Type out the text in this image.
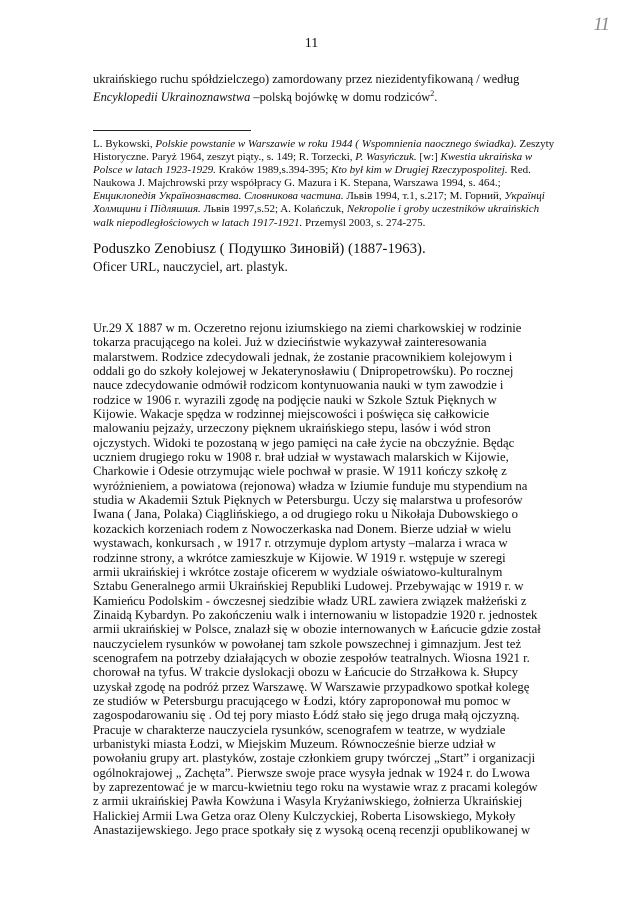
11
11
ukraińskiego ruchu spółdzielczego) zamordowany przez niezidentyfikowaną / według
Encyklopedii Ukrainoznawstwa –polską bojówkę w domu rodziców$^2$.
L. Bykowski, Polskie powstanie w Warszawie w roku 1944 ( Wspomnienia naocznego świadka). Zeszyty
Historyczne. Paryż 1964, zeszyt piąty., s. 149; R. Torzecki, P. Wasyńczuk. [w:] Kwestia ukraińska w
Polsce w latach 1923-1929. Kraków 1989,s.394-395; Kto był kim w Drugiej Rzeczypospolitej. Red.
Naukowa J. Majchrowski przy współpracy G. Mazura i K. Stepana, Warszawa 1994, s. 464.;
Енциклопедія Українознавства. Словникова частина. Львів 1994, т.1, s.217; M. Горний, Українці
Холмщини і Підляшшя. Львів 1997,s.52; A. Kolańczuk, Nekropolie i groby uczestników ukraińskich
walk niepodległościowych w latach 1917-1921. Przemyśl 2003, s. 274-275.
Poduszko Zenobiusz ( Подушко Зиновій) (1887-1963).
Oficer URL, nauczyciel, art. plastyk.
Ur.29 X 1887 w m. Oczeretno rejonu iziumskiego na ziemi charkowskiej w rodzinie
tokarza pracującego na kolei. Już w dzieciństwie wykazywał zainteresowania
malarstwem. Rodzice zdecydowali jednak, że zostanie pracownikiem kolejowym i
oddali go do szkoły kolejowej w Jekaterynosławiu ( Dnipropetrowśku). Po rocznej
nauce zdecydowanie odmówił rodzicom kontynuowania nauki w tym zawodzie i
rodzice w 1906 r. wyrazili zgodę na podjęcie nauki w Szkole Sztuk Pięknych w
Kijowie. Wakacje spędza w rodzinnej miejscowości i poświęca się całkowicie
malowaniu pejzaży, urzeczony pięknem ukraińskiego stepu, lasów i wód stron
ojczystych. Widoki te pozostaną w jego pamięci na całe życie na obczyźnie. Będąc
uczniem drugiego roku w 1908 r. brał udział w wystawach malarskich w Kijowie,
Charkowie i Odesie otrzymując wiele pochwał w prasie. W 1911 kończy szkołę z
wyróżnieniem, a powiatowa (rejonowa) władza w Iziumie funduje mu stypendium na
studia w Akademii Sztuk Pięknych w Petersburgu. Uczy się malarstwa u profesorów
Iwana ( Jana, Polaka) Ciąglińskiego, a od drugiego roku u Nikołaja Dubowskiego o
kozackich korzeniach rodem z Nowoczerkaska nad Donem. Bierze udział w wielu
wystawach, konkursach , w 1917 r. otrzymuje dyplom artysty –malarza i wraca w
rodzinne strony, a wkrótce zamieszkuje w Kijowie. W 1919 r. wstępuje w szeregi
armii ukraińskiej i wkrótce zostaje oficerem w wydziale oświatowo-kulturalnym
Sztabu Generalnego armii Ukraińskiej Republiki Ludowej. Przebywając w 1919 r. w
Kamieńcu Podolskim - ówczesnej siedzibie władz URL zawiera związek małżeński z
Zinaidą Kybardyn. Po zakończeniu walk i internowaniu w listopadzie 1920 r. jednostek
armii ukraińskiej w Polsce, znalazł się w obozie internowanych w Łańcucie gdzie został
nauczycielem rysunków w powołanej tam szkole powszechnej i gimnazjum. Jest też
scenografem na potrzeby działających w obozie zespołów teatralnych. Wiosna 1921 r.
chorował na tyfus. W trakcie dyslokacji obozu w Łańcucie do Strzałkowa k. Słupcy
uzyskał zgodę na podróż przez Warszawę. W Warszawie przypadkowo spotkał kolegę
ze studiów w Petersburgu pracującego w Łodzi, który zaproponował mu pomoc w
zagospodarowaniu się . Od tej pory miasto Łódź stało się jego druga małą ojczyzną.
Pracuje w charakterze nauczyciela rysunków, scenografem w teatrze, w wydziale
urbanistyki miasta Łodzi, w Miejskim Muzeum. Równocześnie bierze udział w
powołaniu grupy art. plastyków, zostaje członkiem grupy twórczej „Start” i organizacji
ogólnokrajowej „ Zachęta”. Pierwsze swoje prace wysyła jednak w 1924 r. do Lwowa
by zaprezentować je w marcu-kwietniu tego roku na wystawie wraz z pracami kolegów
z armii ukraińskiej Pawła Kowżuna i Wasyla Kryżaniwskiego, żołnierza Ukraińskiej
Halickiej Armii Lwa Getza oraz Oleny Kulczyckiej, Roberta Lisowskiego, Mykoły
Anastazijewskiego. Jego prace spotkały się z wysoką oceną recenzji opublikowanej w
